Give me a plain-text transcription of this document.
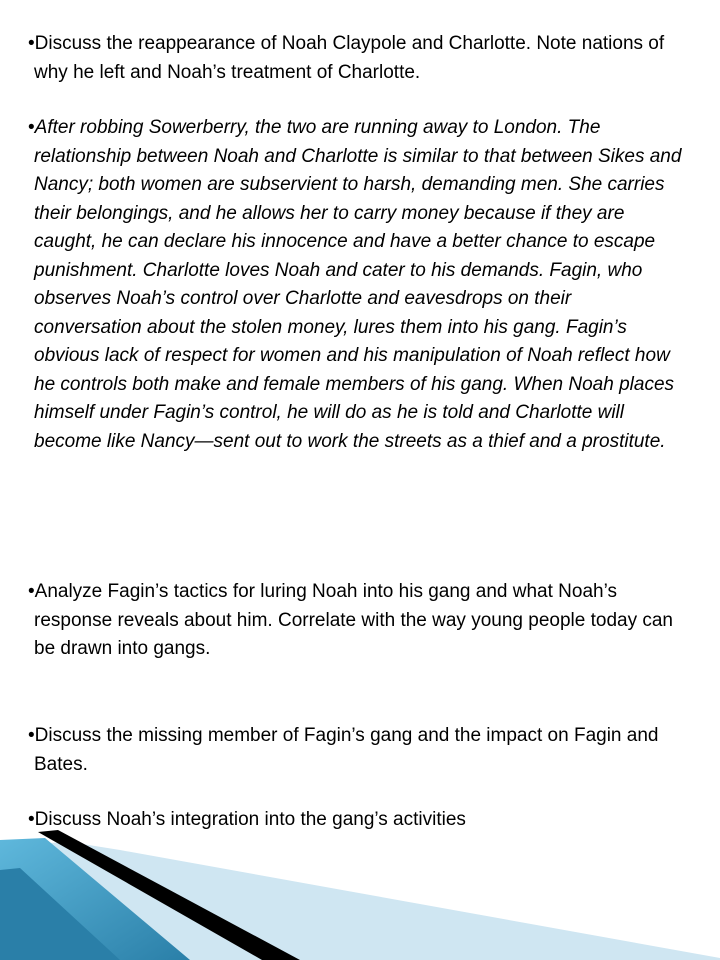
•Discuss the reappearance of Noah Claypole and Charlotte. Note nations of why he left and Noah’s treatment of Charlotte.

•After robbing Sowerberry, the two are running away to London. The relationship between Noah and Charlotte is similar to that between Sikes and Nancy; both women are subservient to harsh, demanding men. She carries their belongings, and he allows her to carry money because if they are caught, he can declare his innocence and have a better chance to escape punishment. Charlotte loves Noah and cater to his demands. Fagin, who observes Noah’s control over Charlotte and eavesdrops on their conversation about the stolen money, lures them into his gang. Fagin’s obvious lack of respect for women and his manipulation of Noah reflect how he controls both make and female members of his gang. When Noah places himself under Fagin’s control, he will do as he is told and Charlotte will become like Nancy—sent out to work the streets as a thief and a prostitute.

•Analyze Fagin’s tactics for luring Noah into his gang and what Noah’s response reveals about him. Correlate with the way young people today can be drawn into gangs.

•Discuss the missing member of Fagin’s gang and the impact on Fagin and Bates.

•Discuss Noah’s integration into the gang’s activities
